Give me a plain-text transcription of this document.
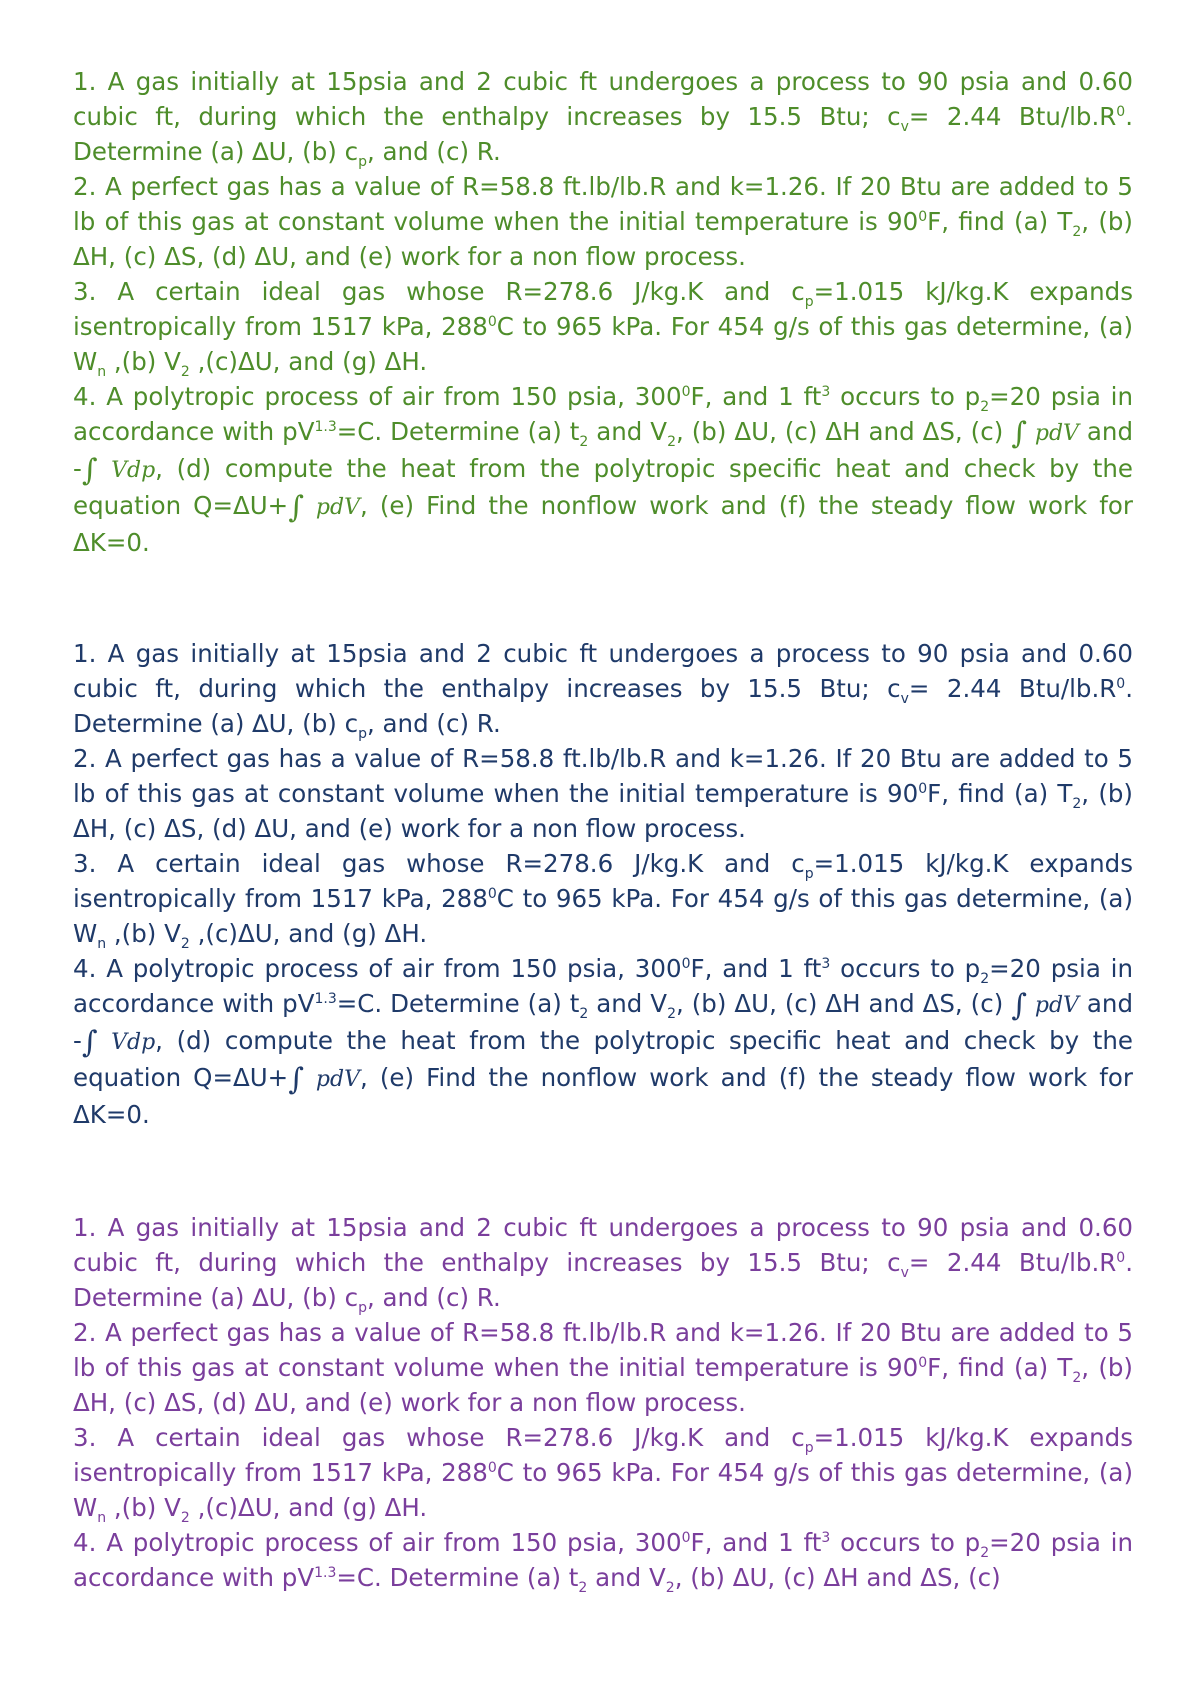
1. A gas initially at 15psia and 2 cubic ft undergoes a process to 90 psia and 0.60 cubic ft, during which the enthalpy increases by 15.5 Btu; $c_v= 2.44$ Btu/$lb.R^0$. Determine (a) ∆U, (b) $c_p$, and (c) R.

2. A perfect gas has a value of R=58.8 ft.lb/lb.R and k=1.26. If 20 Btu are added to 5 lb of this gas at constant volume when the initial temperature is $90^0F$, find (a) $T_2$, (b) ΔH, (c) ΔS, (d) ΔU, and (e) work for a non flow process.

3. A certain ideal gas whose R=278.6 J/kg.K and $c_p=1.015$ kJ/kg.K expands isentropically from 1517 kPa, $288^0C$ to 965 kPa. For 454 g/s of this gas determine, (a) $W_n$ ,(b) $V_2$ ,(c)ΔU, and (g) ΔH.

4. A polytropic process of air from 150 psia, $300^0F$, and 1 $ft^3$ occurs to $p_2=20$ psia in accordance with $pV^{1.3}=C$. Determine (a) $t_2$ and $V_2$, (b) ΔU, (c) ΔH and ΔS, (c) ∫ pdV and -∫ Vdp, (d) compute the heat from the polytropic specific heat and check by the equation Q=ΔU+∫ pdV, (e) Find the nonflow work and (f) the steady flow work for ΔK=0.

1. A gas initially at 15psia and 2 cubic ft undergoes a process to 90 psia and 0.60 cubic ft, during which the enthalpy increases by 15.5 Btu; $c_v= 2.44$ Btu/$lb.R^0$. Determine (a) ∆U, (b) $c_p$, and (c) R.

2. A perfect gas has a value of R=58.8 ft.lb/lb.R and k=1.26. If 20 Btu are added to 5 lb of this gas at constant volume when the initial temperature is $90^0F$, find (a) $T_2$, (b) ΔH, (c) ΔS, (d) ΔU, and (e) work for a non flow process.

3. A certain ideal gas whose R=278.6 J/kg.K and $c_p=1.015$ kJ/kg.K expands isentropically from 1517 kPa, $288^0C$ to 965 kPa. For 454 g/s of this gas determine, (a) $W_n$ ,(b) $V_2$ ,(c)ΔU, and (g) ΔH.

4. A polytropic process of air from 150 psia, $300^0F$, and 1 $ft^3$ occurs to $p_2=20$ psia in accordance with $pV^{1.3}=C$. Determine (a) $t_2$ and $V_2$, (b) ΔU, (c) ΔH and ΔS, (c) ∫ pdV and -∫ Vdp, (d) compute the heat from the polytropic specific heat and check by the equation Q=ΔU+∫ pdV, (e) Find the nonflow work and (f) the steady flow work for ΔK=0.

1. A gas initially at 15psia and 2 cubic ft undergoes a process to 90 psia and 0.60 cubic ft, during which the enthalpy increases by 15.5 Btu; $c_v= 2.44$ Btu/$lb.R^0$. Determine (a) ∆U, (b) $c_p$, and (c) R.

2. A perfect gas has a value of R=58.8 ft.lb/lb.R and k=1.26. If 20 Btu are added to 5 lb of this gas at constant volume when the initial temperature is $90^0F$, find (a) $T_2$, (b) ΔH, (c) ΔS, (d) ΔU, and (e) work for a non flow process.

3. A certain ideal gas whose R=278.6 J/kg.K and $c_p=1.015$ kJ/kg.K expands isentropically from 1517 kPa, $288^0C$ to 965 kPa. For 454 g/s of this gas determine, (a) $W_n$ ,(b) $V_2$ ,(c)ΔU, and (g) ΔH.

4. A polytropic process of air from 150 psia, $300^0F$, and 1 $ft^3$ occurs to $p_2=20$ psia in accordance with $pV^{1.3}=C$. Determine (a) $t_2$ and $V_2$, (b) ΔU, (c) ΔH and ΔS, (c)
